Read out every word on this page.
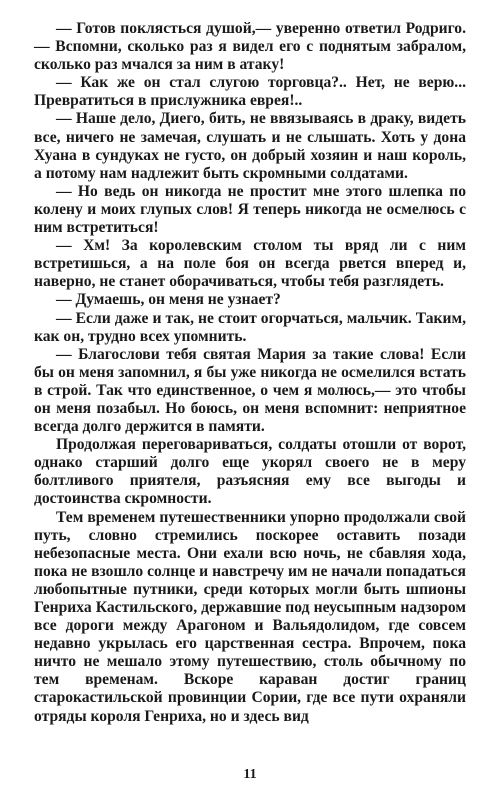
— Готов поклясться душой,— уверенно ответил Родриго.— Вспомни, сколько раз я видел его с поднятым забралом, сколько раз мчался за ним в атаку!

— Как же он стал слугою торговца?.. Нет, не верю... Превратиться в прислужника еврея!..

— Наше дело, Диего, бить, не ввязываясь в драку, видеть все, ничего не замечая, слушать и не слышать. Хоть у дона Хуана в сундуках не густо, он добрый хозяин и наш король, а потому нам надлежит быть скромными солдатами.

— Но ведь он никогда не простит мне этого шлепка по колену и моих глупых слов! Я теперь никогда не осмелюсь с ним встретиться!

— Хм! За королевским столом ты вряд ли с ним встретишься, а на поле боя он всегда рвется вперед и, наверно, не станет оборачиваться, чтобы тебя разглядеть.

— Думаешь, он меня не узнает?

— Если даже и так, не стоит огорчаться, мальчик. Таким, как он, трудно всех упомнить.

— Благослови тебя святая Мария за такие слова! Если бы он меня запомнил, я бы уже никогда не осмелился встать в строй. Так что единственное, о чем я молюсь,— это чтобы он меня позабыл. Но боюсь, он меня вспомнит: неприятное всегда долго держится в памяти.

Продолжая переговариваться, солдаты отошли от ворот, однако старший долго еще укорял своего не в меру болтливого приятеля, разъясняя ему все выгоды и достоинства скромности.

Тем временем путешественники упорно продолжали свой путь, словно стремились поскорее оставить позади небезопасные места. Они ехали всю ночь, не сбавляя хода, пока не взошло солнце и навстречу им не начали попадаться любопытные путники, среди которых могли быть шпионы Генриха Кастильского, державшие под неусыпным надзором все дороги между Арагоном и Вальядолидом, где совсем недавно укрылась его царственная сестра. Впрочем, пока ничто не мешало этому путешествию, столь обычному по тем временам. Вскоре караван достиг границ старокастильской провинции Сории, где все пути охраняли отряды короля Генриха, но и здесь вид

11
